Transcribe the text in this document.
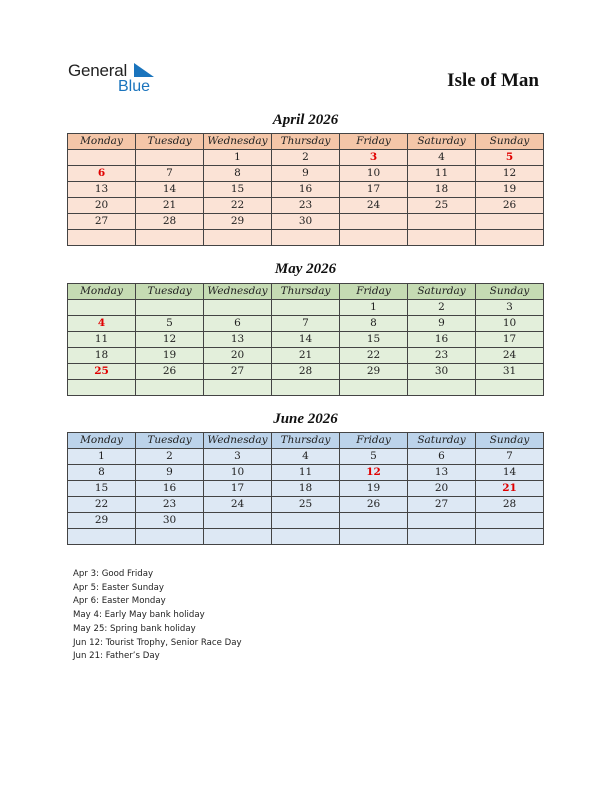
General
Blue	Isle of Man
April 2026
Monday	Tuesday	Wednesday	Thursday	Friday	Saturday	Sunday
		1	2	3	4	5
6	7	8	9	10	11	12
13	14	15	16	17	18	19
20	21	22	23	24	25	26
27	28	29	30			

May 2026
Monday	Tuesday	Wednesday	Thursday	Friday	Saturday	Sunday
				1	2	3
4	5	6	7	8	9	10
11	12	13	14	15	16	17
18	19	20	21	22	23	24
25	26	27	28	29	30	31

June 2026
Monday	Tuesday	Wednesday	Thursday	Friday	Saturday	Sunday
1	2	3	4	5	6	7
8	9	10	11	12	13	14
15	16	17	18	19	20	21
22	23	24	25	26	27	28
29	30					

Apr 3: Good Friday
Apr 5: Easter Sunday
Apr 6: Easter Monday
May 4: Early May bank holiday
May 25: Spring bank holiday
Jun 12: Tourist Trophy, Senior Race Day
Jun 21: Father’s Day
